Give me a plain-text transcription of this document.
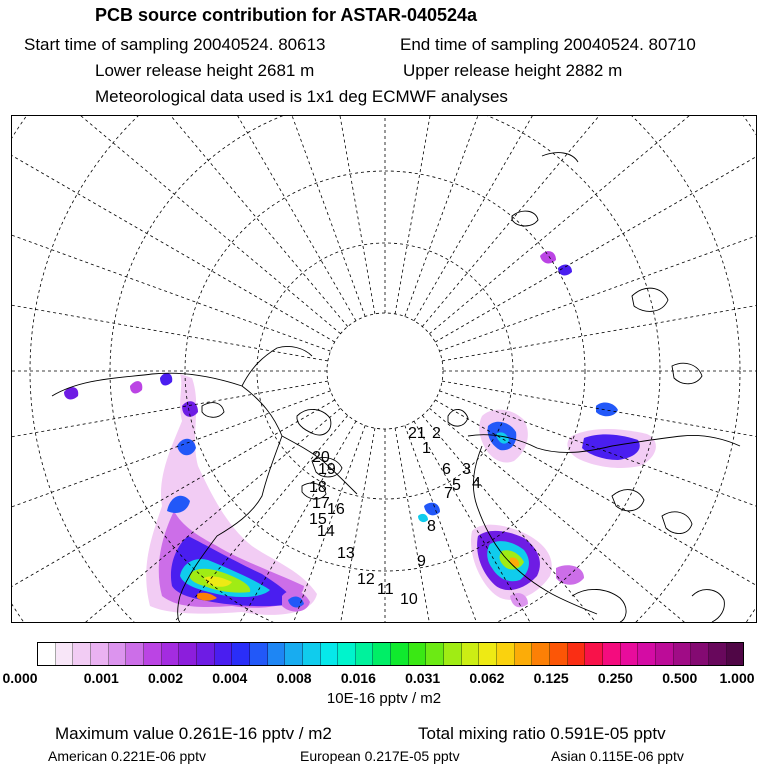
PCB source contribution for ASTAR-040524a
Start time of sampling 20040524. 80613	End time of sampling 20040524. 80710
Lower release height 2681 m	Upper release height 2882 m
Meteorological data used is 1x1 deg ECMWF analyses
1
2
3
4
5
6
7
8
9
10
11
12
13
14
15
16
17
18
19
20
21
0.000	0.001 0.002 0.004 0.008 0.016 0.031 0.062 0.125 0.250 0.500 1.000
10E-16 pptv / m2
Maximum value 0.261E-16 pptv / m2	Total mixing ratio 0.591E-05 pptv
American 0.221E-06 pptv	European 0.217E-05 pptv	Asian 0.115E-06 pptv
